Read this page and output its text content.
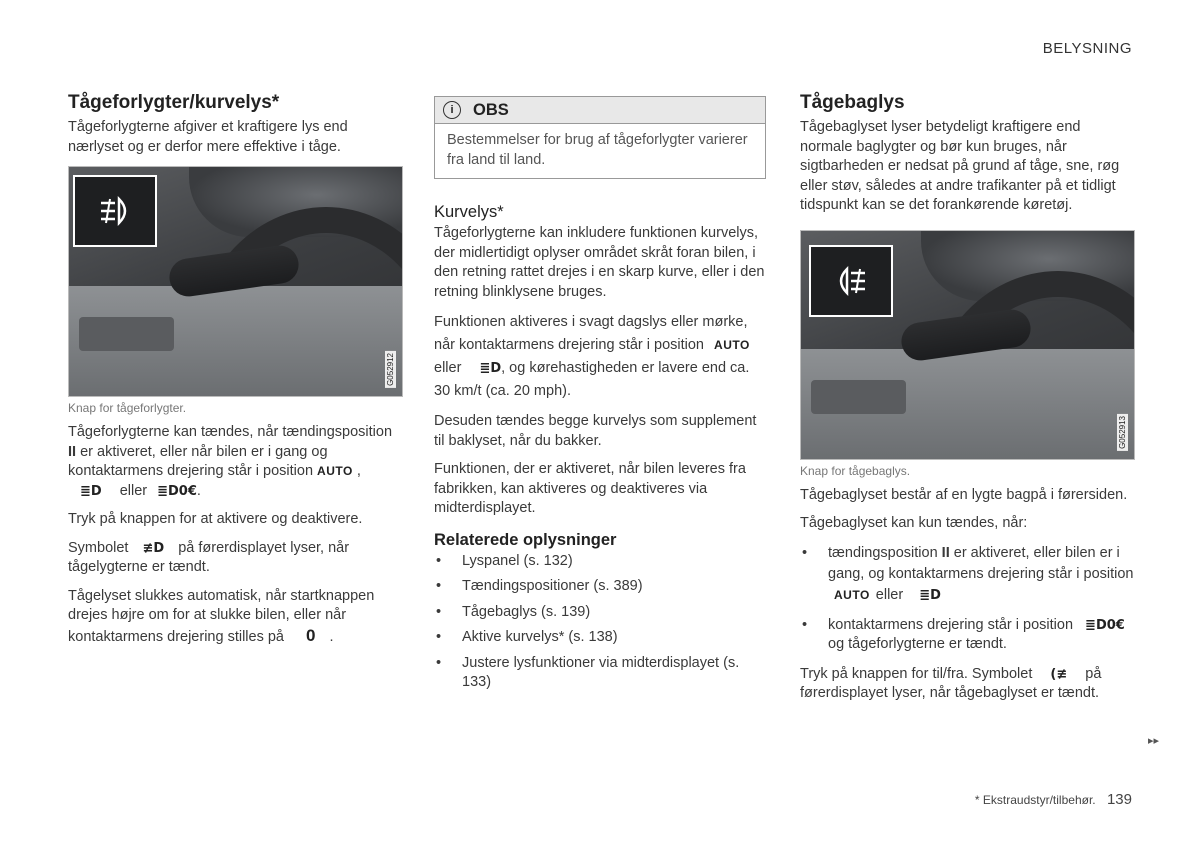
BELYSNING
Tågeforlygter/kurvelys*

Tågeforlygterne afgiver et kraftigere lys end nærlyset og er derfor mere effektive i tåge.

G052912
Knap for tågeforlygter.

Tågeforlygterne kan tændes, når tændingsposition II er aktiveret, eller når bilen er i gang og kontaktarmens drejering står i position AUTO ,
≣D eller ≣D0€.

Tryk på knappen for at aktivere og deaktivere.

Symbolet ≢D på førerdisplayet lyser, når tågelygterne er tændt.

Tågelyset slukkes automatisk, når startknappen drejes højre om for at slukke bilen, eller når kontaktarmens drejering stilles på 0 .

i	OBS
Bestemmelser for brug af tågeforlygter varierer fra land til land.
Kurvelys*

Tågeforlygterne kan inkludere funktionen kurvelys, der midlertidigt oplyser området skråt foran bilen, i den retning rattet drejes i en skarp kurve, eller i den retning blinklysene bruges.

Funktionen aktiveres i svagt dagslys eller mørke, når kontaktarmens drejering står i position AUTO
eller ≣D, og kørehastigheden er lavere end ca. 30 km/t (ca. 20 mph).

Desuden tændes begge kurvelys som supplement til baklyset, når du bakker.

Funktionen, der er aktiveret, når bilen leveres fra fabrikken, kan aktiveres og deaktiveres via midterdisplayet.

Relaterede oplysninger
• Lyspanel (s. 132)
• Tændingspositioner (s. 389)
• Tågebaglys (s. 139)
• Aktive kurvelys* (s. 138)
• Justere lysfunktioner via midterdisplayet (s. 133)
Tågebaglys

Tågebaglyset lyser betydeligt kraftigere end normale baglygter og bør kun bruges, når sigtbarheden er nedsat på grund af tåge, sne, røg eller støv, således at andre trafikanter på et tidligt tidspunkt kan se det forankørende køretøj.

G052913
Knap for tågebaglys.

Tågebaglyset består af en lygte bagpå i førersiden.

Tågebaglyset kan kun tændes, når:

• tændingsposition II er aktiveret, eller bilen er i gang, og kontaktarmens drejering står i position AUTO eller ≣D
• kontaktarmens drejering står i position ≣D0€
og tågeforlygterne er tændt.

Tryk på knappen for til/fra. Symbolet (≢ på førerdisplayet lyser, når tågebaglyset er tændt.

▸▸
* Ekstraudstyr/tilbehør. 139
